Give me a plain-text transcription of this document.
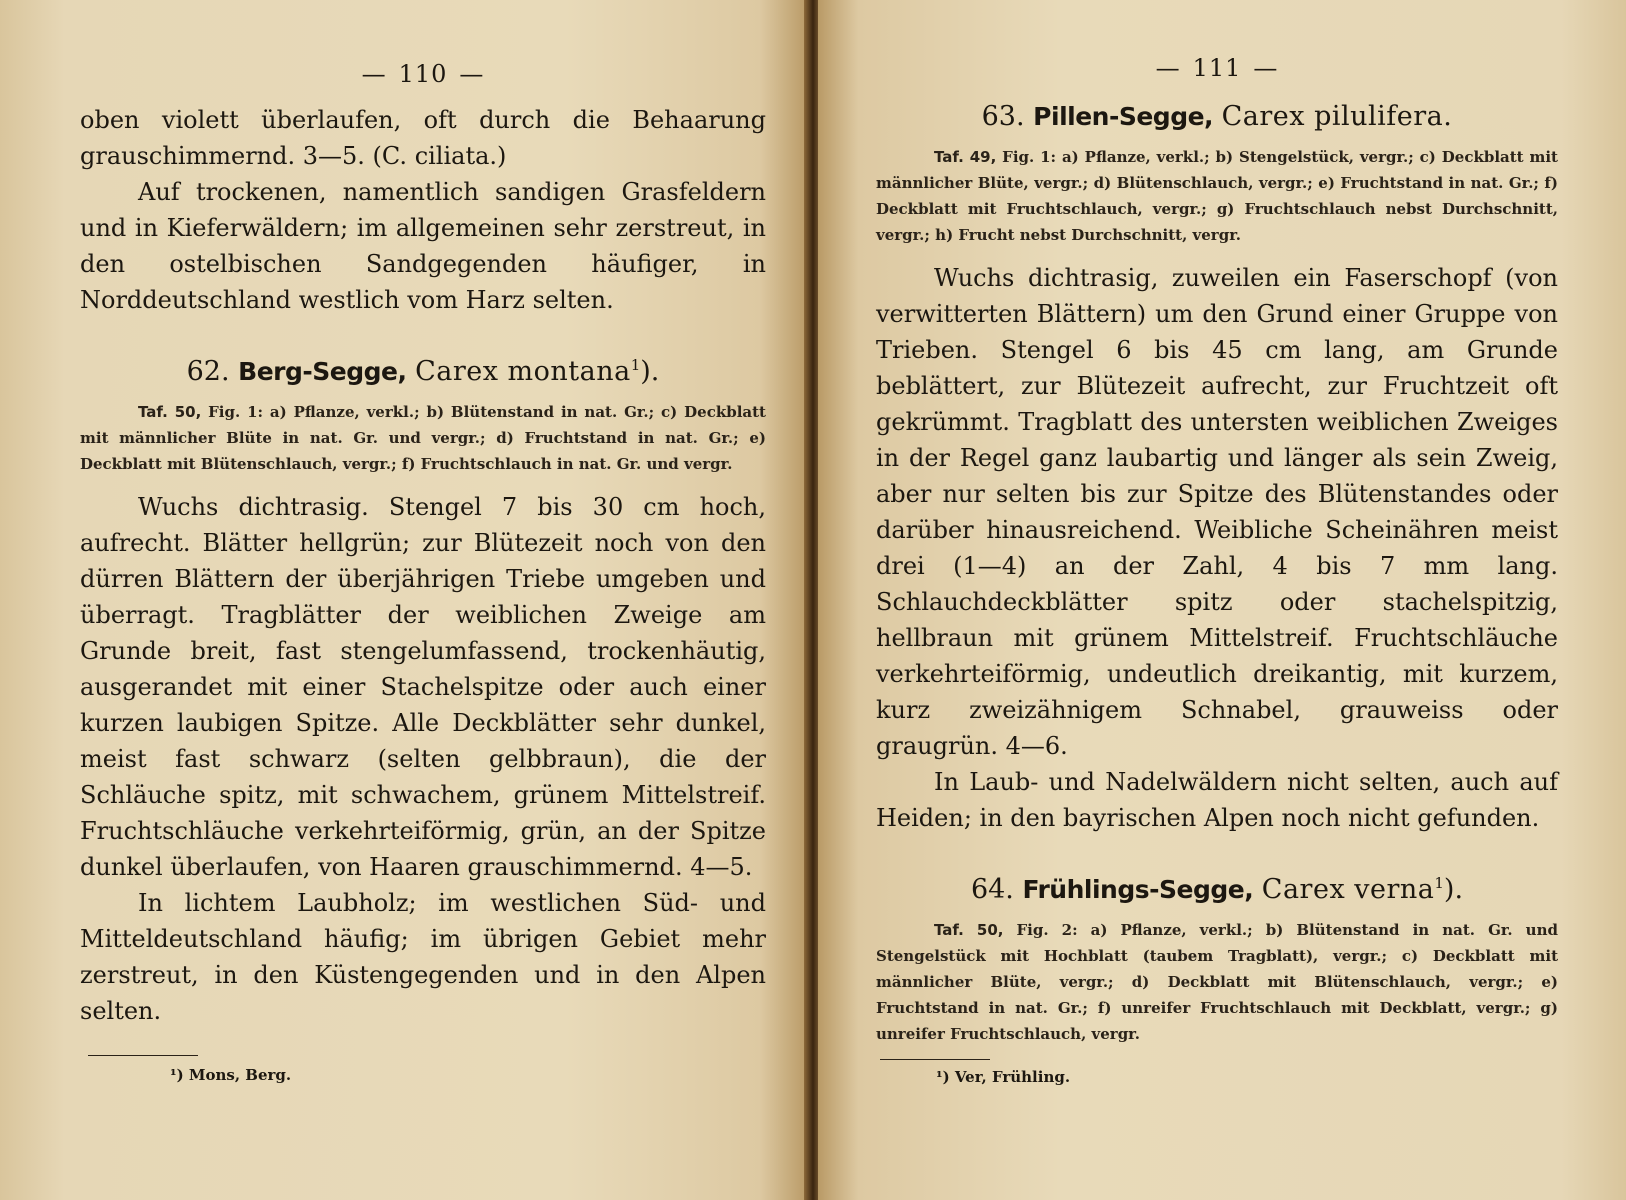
— 110 —

oben violett überlaufen, oft durch die Behaarung grauschimmernd. 3—5. (C. ciliata.)

Auf trockenen, namentlich sandigen Grasfeldern und in Kieferwäldern; im allgemeinen sehr zerstreut, in den ostelbischen Sandgegenden häufiger, in Norddeutschland westlich vom Harz selten.

62. Berg-Segge, Carex montana$^1$).

Taf. 50, Fig. 1: a) Pflanze, verkl.; b) Blütenstand in nat. Gr.; c) Deckblatt mit männlicher Blüte in nat. Gr. und vergr.; d) Fruchtstand in nat. Gr.; e) Deckblatt mit Blütenschlauch, vergr.; f) Fruchtschlauch in nat. Gr. und vergr.

Wuchs dichtrasig. Stengel 7 bis 30 cm hoch, aufrecht. Blätter hellgrün; zur Blütezeit noch von den dürren Blättern der überjährigen Triebe umgeben und überragt. Tragblätter der weiblichen Zweige am Grunde breit, fast stengelumfassend, trockenhäutig, ausgerandet mit einer Stachelspitze oder auch einer kurzen laubigen Spitze. Alle Deckblätter sehr dunkel, meist fast schwarz (selten gelbbraun), die der Schläuche spitz, mit schwachem, grünem Mittelstreif. Fruchtschläuche verkehrteiförmig, grün, an der Spitze dunkel überlaufen, von Haaren grauschimmernd. 4—5.

In lichtem Laubholz; im westlichen Süd- und Mitteldeutschland häufig; im übrigen Gebiet mehr zerstreut, in den Küstengegenden und in den Alpen selten.

¹) Mons, Berg.
— 111 —
63. Pillen-Segge, Carex pilulifera.

Taf. 49, Fig. 1: a) Pflanze, verkl.; b) Stengelstück, vergr.; c) Deckblatt mit männlicher Blüte, vergr.; d) Blütenschlauch, vergr.; e) Fruchtstand in nat. Gr.; f) Deckblatt mit Fruchtschlauch, vergr.; g) Fruchtschlauch nebst Durchschnitt, vergr.; h) Frucht nebst Durchschnitt, vergr.

Wuchs dichtrasig, zuweilen ein Faserschopf (von verwitterten Blättern) um den Grund einer Gruppe von Trieben. Stengel 6 bis 45 cm lang, am Grunde beblättert, zur Blütezeit aufrecht, zur Fruchtzeit oft gekrümmt. Tragblatt des untersten weiblichen Zweiges in der Regel ganz laubartig und länger als sein Zweig, aber nur selten bis zur Spitze des Blütenstandes oder darüber hinausreichend. Weibliche Scheinähren meist drei (1—4) an der Zahl, 4 bis 7 mm lang. Schlauchdeckblätter spitz oder stachelspitzig, hellbraun mit grünem Mittelstreif. Fruchtschläuche verkehrteiförmig, undeutlich dreikantig, mit kurzem, kurz zweizähnigem Schnabel, grauweiss oder graugrün. 4—6.

In Laub- und Nadelwäldern nicht selten, auch auf Heiden; in den bayrischen Alpen noch nicht gefunden.

64. Frühlings-Segge, Carex verna$^1$).

Taf. 50, Fig. 2: a) Pflanze, verkl.; b) Blütenstand in nat. Gr. und Stengelstück mit Hochblatt (taubem Tragblatt), vergr.; c) Deckblatt mit männlicher Blüte, vergr.; d) Deckblatt mit Blütenschlauch, vergr.; e) Fruchtstand in nat. Gr.; f) unreifer Fruchtschlauch mit Deckblatt, vergr.; g) unreifer Fruchtschlauch, vergr.

¹) Ver, Frühling.
